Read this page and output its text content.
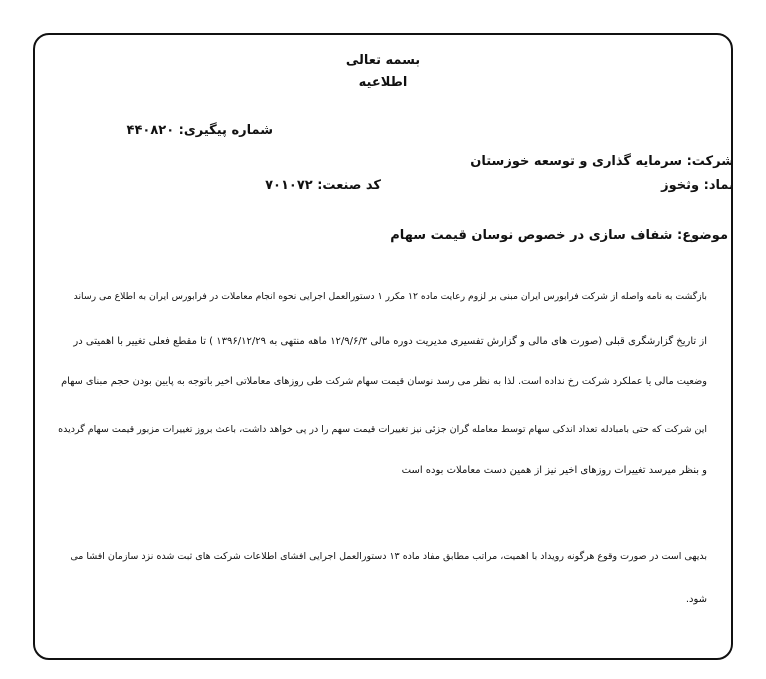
بسمه تعالی
اطلاعیه
شماره پیگیری: ۴۴۰۸۲۰
شرکت: سرمایه گذاری و توسعه خوزستان
نماد: وثخوز
کد صنعت: ۷۰۱۰۷۲
موضوع: شفاف سازی در خصوص نوسان قیمت سهام
بازگشت به نامه واصله از شرکت فرابورس ایران مبنی بر لزوم رعایت ماده ۱۲ مکرر ۱ دستورالعمل اجرایی نحوه انجام معاملات در فرابورس ایران به اطلاع می رساند
از تاریخ گزارشگری قبلی (صورت های مالی و گزارش تفسیری مدیریت دوره مالی ۱۲/۹/۶/۳ ماهه منتهی به ۱۳۹۶/۱۲/۲۹ ) تا مقطع فعلی تغییر با اهمیتی در
وضعیت مالی یا عملکرد شرکت رخ نداده است. لذا به نظر می رسد نوسان قیمت سهام شرکت طی روزهای معاملاتی اخیر باتوجه به پایین بودن حجم مبنای سهام
این شرکت که حتی بامبادله تعداد اندکی سهام توسط معامله گران جزئی نیز تغییرات قیمت سهم را در پی خواهد داشت، باعث بروز تغییرات مزبور قیمت سهام گردیده
و بنظر میرسد تغییرات روزهای اخیر نیز از همین دست معاملات بوده است
بدیهی است در صورت وقوع هرگونه رویداد با اهمیت، مراتب مطابق مفاد ماده ۱۳ دستورالعمل اجرایی افشای اطلاعات شرکت های ثبت شده نزد سازمان افشا می
شود.
